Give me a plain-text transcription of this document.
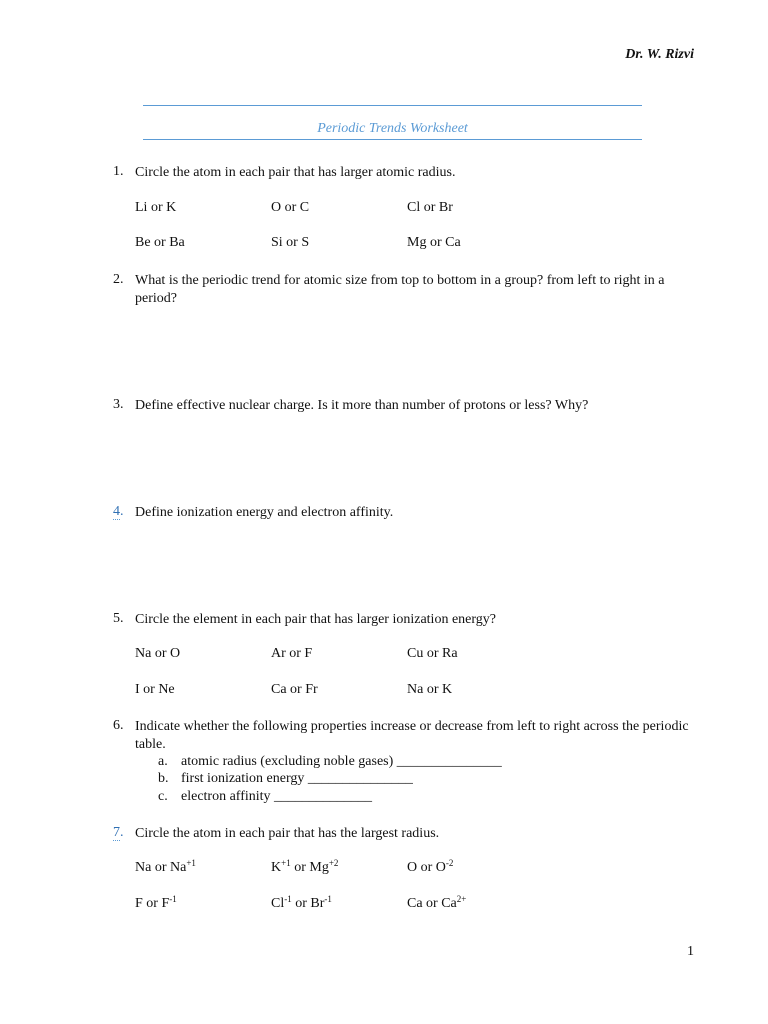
Dr. W. Rizvi
Periodic Trends Worksheet
1. Circle the atom in each pair that has larger atomic radius.
Li or K	O or C	Cl or Br
Be or Ba	Si or S	Mg or Ca
2. What is the periodic trend for atomic size from top to bottom in a group? from left to right in a period?
3. Define effective nuclear charge. Is it more than number of protons or less? Why?
4. Define ionization energy and electron affinity.
5. Circle the element in each pair that has larger ionization energy?
Na or O	Ar or F	Cu or Ra
I or Ne	Ca or Fr	Na or K
6. Indicate whether the following properties increase or decrease from left to right across the periodic table.
a. atomic radius (excluding noble gases) _______________
b. first ionization energy _______________
c. electron affinity ______________
7. Circle the atom in each pair that has the largest radius.
Na or $Na^{+1}$	$K^{+1}$ or $Mg^{+2}$	O or $O^{-2}$
F or $F^{-1}$	$Cl^{-1}$ or $Br^{-1}$	Ca or $Ca^{2+}$
1
